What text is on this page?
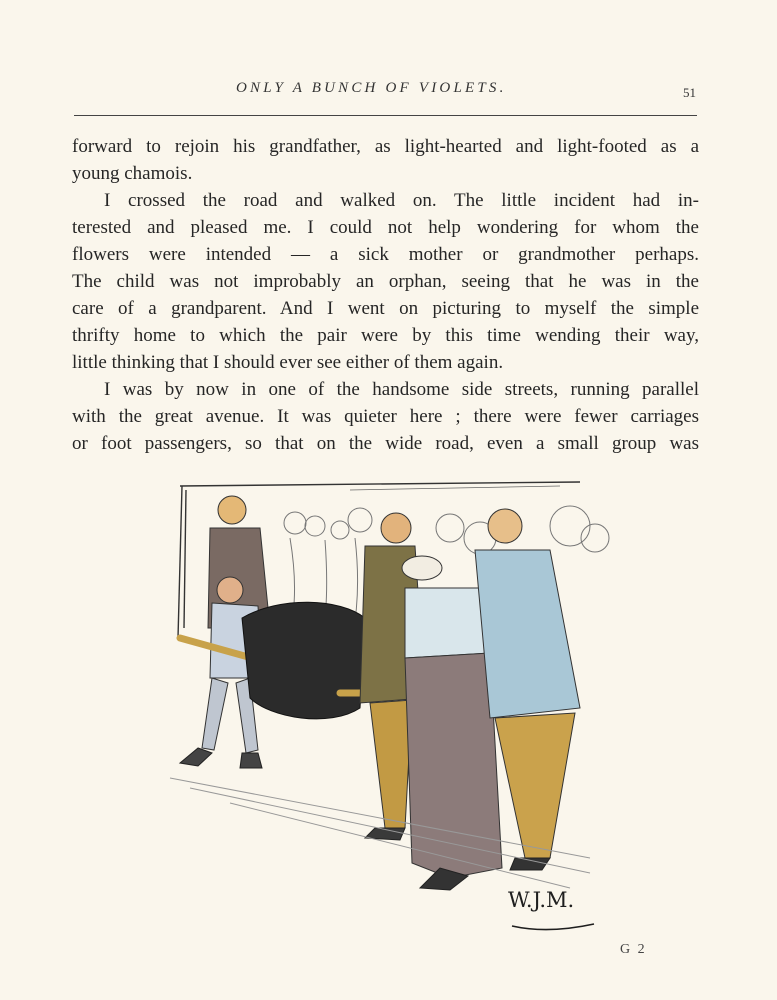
ONLY A BUNCH OF VIOLETS.	51

forward to rejoin his grandfather, as light-hearted and light-footed as a

young chamois.

I crossed the road and walked on. The little incident had in-

terested and pleased me. I could not help wondering for whom the

flowers were intended — a sick mother or grandmother perhaps.

The child was not improbably an orphan, seeing that he was in the

care of a grandparent. And I went on picturing to myself the simple

thrifty home to which the pair were by this time wending their way,

little thinking that I should ever see either of them again.

I was by now in one of the handsome side streets, running parallel

with the great avenue. It was quieter here ; there were fewer carriages

or foot passengers, so that on the wide road, even a small group was

W.J.M.
G 2
